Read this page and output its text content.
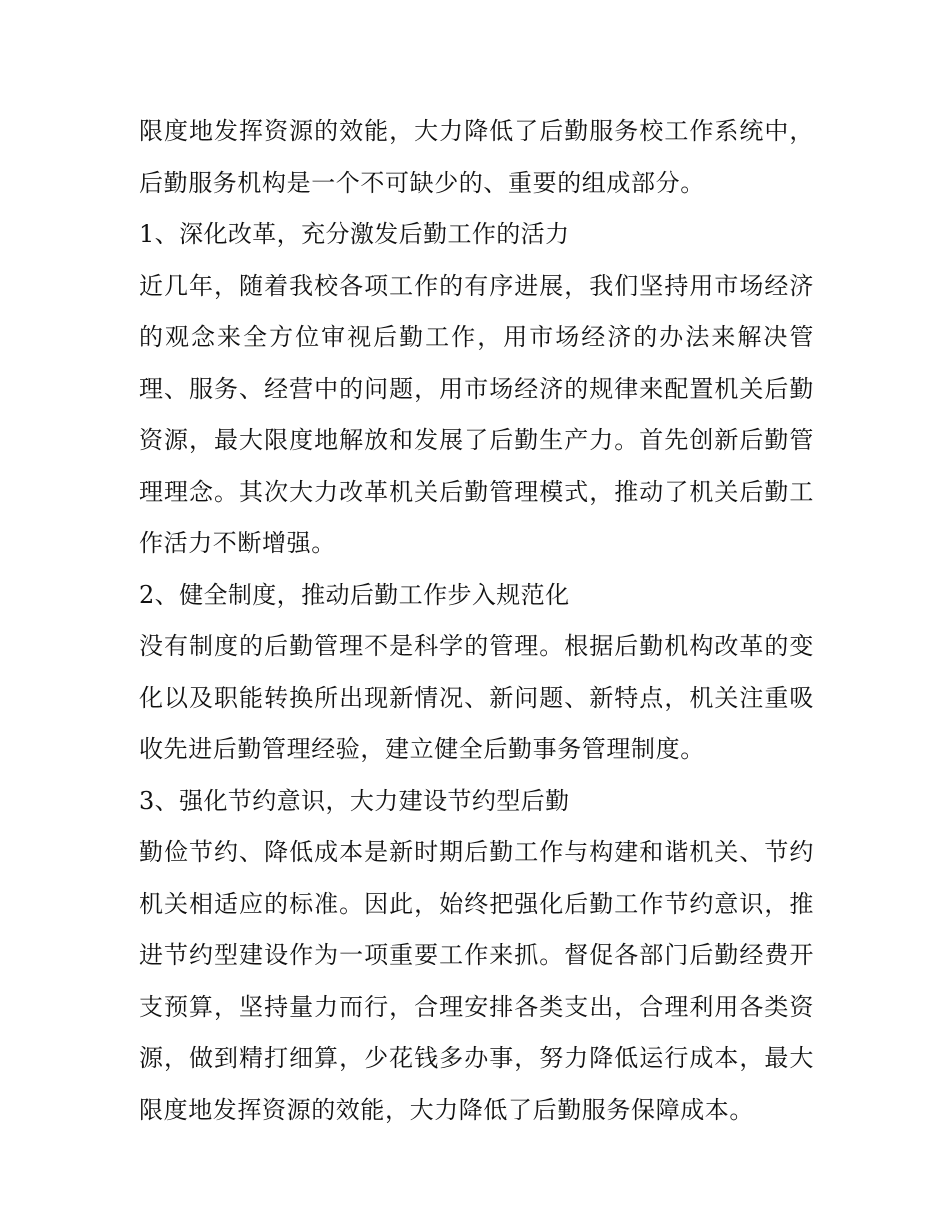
限度地发挥资源的效能，大力降低了后勤服务校工作系统中，后勤服务机构是一个不可缺少的、重要的组成部分。

1、深化改革，充分激发后勤工作的活力

近几年，随着我校各项工作的有序进展，我们坚持用市场经济的观念来全方位审视后勤工作，用市场经济的办法来解决管理、服务、经营中的问题，用市场经济的规律来配置机关后勤资源，最大限度地解放和发展了后勤生产力。首先创新后勤管理理念。其次大力改革机关后勤管理模式，推动了机关后勤工作活力不断增强。

2、健全制度，推动后勤工作步入规范化

没有制度的后勤管理不是科学的管理。根据后勤机构改革的变化以及职能转换所出现新情况、新问题、新特点，机关注重吸收先进后勤管理经验，建立健全后勤事务管理制度。

3、强化节约意识，大力建设节约型后勤

勤俭节约、降低成本是新时期后勤工作与构建和谐机关、节约机关相适应的标准。因此，始终把强化后勤工作节约意识，推进节约型建设作为一项重要工作来抓。督促各部门后勤经费开支预算，坚持量力而行，合理安排各类支出，合理利用各类资源，做到精打细算，少花钱多办事，努力降低运行成本，最大限度地发挥资源的效能，大力降低了后勤服务保障成本。
